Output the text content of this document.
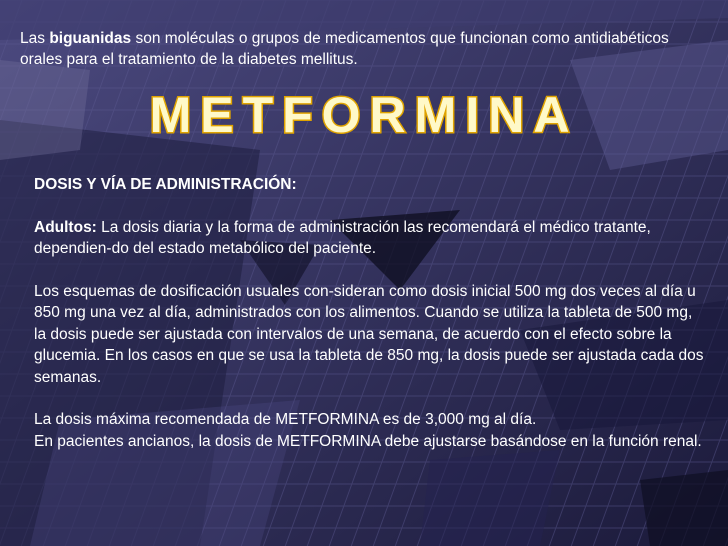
Las biguanidas son moléculas o grupos de medicamentos que funcionan como antidiabéticos orales para el tratamiento de la diabetes mellitus.
METFORMINA

DOSIS Y VÍA DE ADMINISTRACIÓN:

Adultos: La dosis diaria y la forma de administración las recomendará el médico tratante, dependien-do del estado metabólico del paciente.

Los esquemas de dosificación usuales con-sideran como dosis inicial 500 mg dos veces al día u 850 mg una vez al día, administrados con los alimentos. Cuando se utiliza la tableta de 500 mg, la dosis puede ser ajustada con intervalos de una semana, de acuerdo con el efecto sobre la glucemia. En los casos en que se usa la tableta de 850 mg, la dosis puede ser ajustada cada dos semanas.

La dosis máxima recomendada de METFORMINA es de 3,000 mg al día.

En pacientes ancianos, la dosis de METFORMINA debe ajustarse basándose en la función renal.
